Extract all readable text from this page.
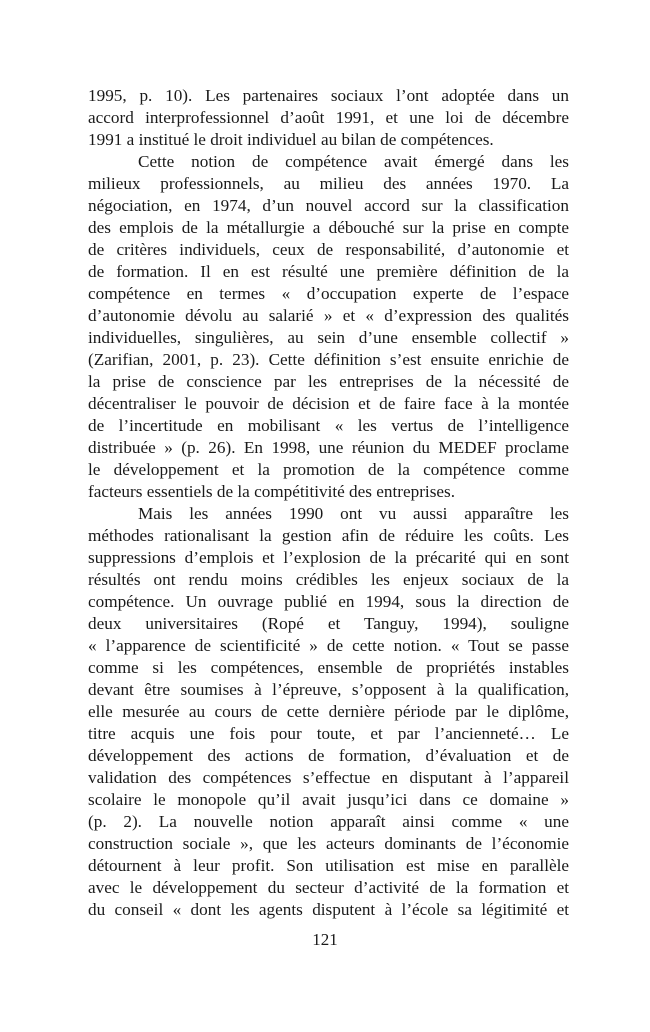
1995, p. 10). Les partenaires sociaux l’ont adoptée dans un
accord interprofessionnel d’août 1991, et une loi de décembre
1991 a institué le droit individuel au bilan de compétences.
Cette notion de compétence avait émergé dans les
milieux professionnels, au milieu des années 1970. La
négociation, en 1974, d’un nouvel accord sur la classification
des emplois de la métallurgie a débouché sur la prise en compte
de critères individuels, ceux de responsabilité, d’autonomie et
de formation. Il en est résulté une première définition de la
compétence en termes « d’occupation experte de l’espace
d’autonomie dévolu au salarié » et « d’expression des qualités
individuelles, singulières, au sein d’une ensemble collectif »
(Zarifian, 2001, p. 23). Cette définition s’est ensuite enrichie de
la prise de conscience par les entreprises de la nécessité de
décentraliser le pouvoir de décision et de faire face à la montée
de l’incertitude en mobilisant « les vertus de l’intelligence
distribuée » (p. 26). En 1998, une réunion du MEDEF proclame
le développement et la promotion de la compétence comme
facteurs essentiels de la compétitivité des entreprises.
Mais les années 1990 ont vu aussi apparaître les
méthodes rationalisant la gestion afin de réduire les coûts. Les
suppressions d’emplois et l’explosion de la précarité qui en sont
résultés ont rendu moins crédibles les enjeux sociaux de la
compétence. Un ouvrage publié en 1994, sous la direction de
deux universitaires (Ropé et Tanguy, 1994), souligne
« l’apparence de scientificité » de cette notion. « Tout se passe
comme si les compétences, ensemble de propriétés instables
devant être soumises à l’épreuve, s’opposent à la qualification,
elle mesurée au cours de cette dernière période par le diplôme,
titre acquis une fois pour toute, et par l’ancienneté… Le
développement des actions de formation, d’évaluation et de
validation des compétences s’effectue en disputant à l’appareil
scolaire le monopole qu’il avait jusqu’ici dans ce domaine »
(p. 2). La nouvelle notion apparaît ainsi comme « une
construction sociale », que les acteurs dominants de l’économie
détournent à leur profit. Son utilisation est mise en parallèle
avec le développement du secteur d’activité de la formation et
du conseil « dont les agents disputent à l’école sa légitimité et
121
